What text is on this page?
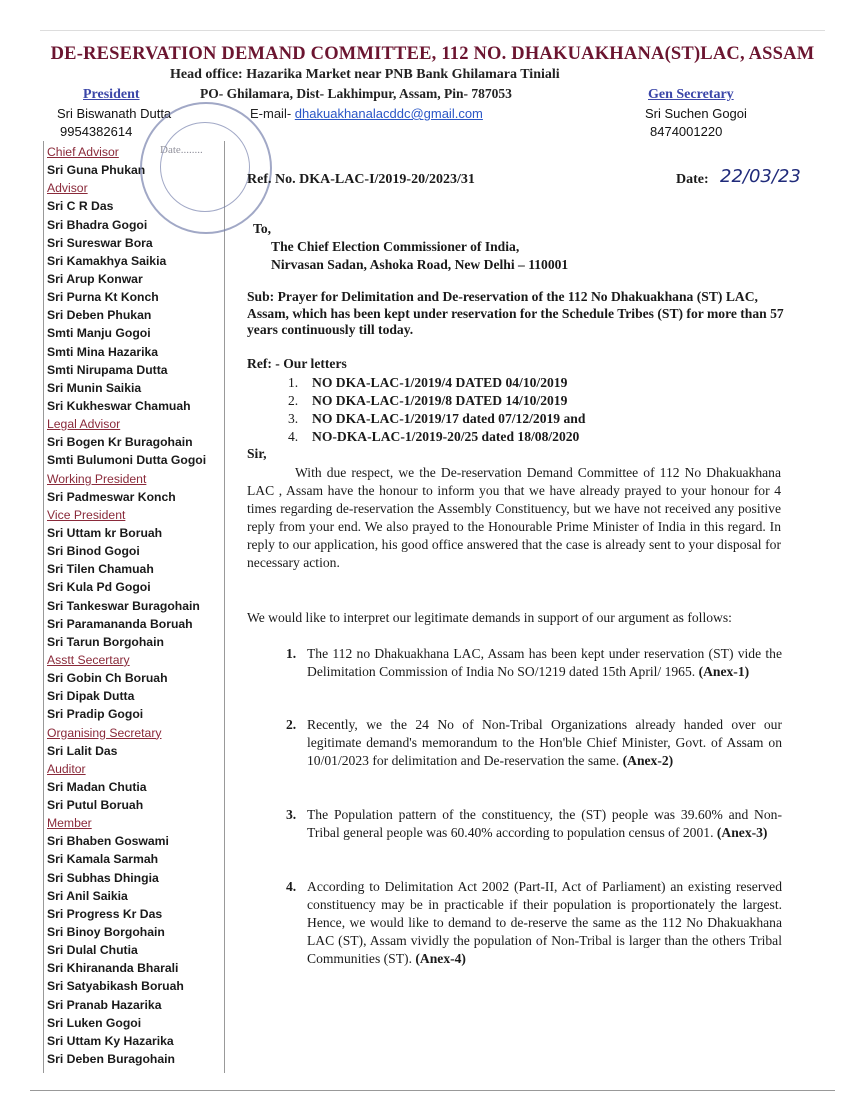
DE-RESERVATION DEMAND COMMITTEE, 112 NO. DHAKUAKHANA(ST)LAC, ASSAM
Head office: Hazarika Market near PNB Bank Ghilamara Tiniali
PO- Ghilamara, Dist- Lakhimpur, Assam, Pin- 787053
E-mail- dhakuakhanalacddc@gmail.com
President
Sri Biswanath Dutta
9954382614
Gen Secretary
Sri Suchen Gogoi
8474001220
Chief Advisor
Sri Guna Phukan
Advisor
Sri C R Das
Sri Bhadra Gogoi
Sri Sureswar Bora
Sri Kamakhya Saikia
Sri Arup Konwar
Sri Purna Kt Konch
Sri Deben Phukan
Smti Manju Gogoi
Smti Mina Hazarika
Smti Nirupama Dutta
Sri Munin Saikia
Sri Kukheswar Chamuah
Legal Advisor
Sri Bogen Kr Buragohain
Smti Bulumoni Dutta Gogoi
Working President
Sri Padmeswar Konch
Vice President
Sri Uttam kr Boruah
Sri Binod Gogoi
Sri Tilen Chamuah
Sri Kula Pd Gogoi
Sri Tankeswar Buragohain
Sri Paramananda Boruah
Sri Tarun Borgohain
Asstt Secertary
Sri Gobin Ch Boruah
Sri Dipak Dutta
Sri Pradip Gogoi
Organising Secretary
Sri Lalit Das
Auditor
Sri Madan Chutia
Sri Putul Boruah
Member
Sri Bhaben Goswami
Sri Kamala Sarmah
Sri Subhas Dhingia
Sri Anil Saikia
Sri Progress Kr Das
Sri Binoy Borgohain
Sri Dulal Chutia
Sri Khirananda Bharali
Sri Satyabikash Boruah
Sri Pranab Hazarika
Sri Luken Gogoi
Sri Uttam Ky Hazarika
Sri Deben Buragohain
Date........
Ref. No. DKA-LAC-I/2019-20/2023/31	Date: 22/03/23
To,
The Chief Election Commissioner of India,
Nirvasan Sadan, Ashoka Road, New Delhi – 110001
Sub: Prayer for Delimitation and De-reservation of the 112 No Dhakuakhana (ST) LAC, Assam, which has been kept under reservation for the Schedule Tribes (ST) for more than 57 years continuously till today.
Ref: - Our letters
1. NO DKA-LAC-1/2019/4 DATED 04/10/2019
2. NO DKA-LAC-1/2019/8 DATED 14/10/2019
3. NO DKA-LAC-1/2019/17 dated 07/12/2019 and
4. NO-DKA-LAC-1/2019-20/25 dated 18/08/2020
Sir,
With due respect, we the De-reservation Demand Committee of 112 No Dhakuakhana LAC , Assam have the honour to inform you that we have already prayed to your honour for 4 times regarding de-reservation the Assembly Constituency, but we have not received any positive reply from your end. We also prayed to the Honourable Prime Minister of India in this regard. In reply to our application, his good office answered that the case is already sent to your disposal for necessary action.
We would like to interpret our legitimate demands in support of our argument as follows:
1. The 112 no Dhakuakhana LAC, Assam has been kept under reservation (ST) vide the Delimitation Commission of India No SO/1219 dated 15th April/ 1965. (Anex-1)
2. Recently, we the 24 No of Non-Tribal Organizations already handed over our legitimate demand's memorandum to the Hon'ble Chief Minister, Govt. of Assam on 10/01/2023 for delimitation and De-reservation the same. (Anex-2)
3. The Population pattern of the constituency, the (ST) people was 39.60% and Non-Tribal general people was 60.40% according to population census of 2001. (Anex-3)
4. According to Delimitation Act 2002 (Part-II, Act of Parliament) an existing reserved constituency may be in practicable if their population is proportionately the largest. Hence, we would like to demand to de-reserve the same as the 112 No Dhakuakhana LAC (ST), Assam vividly the population of Non-Tribal is larger than the others Tribal Communities (ST). (Anex-4)
